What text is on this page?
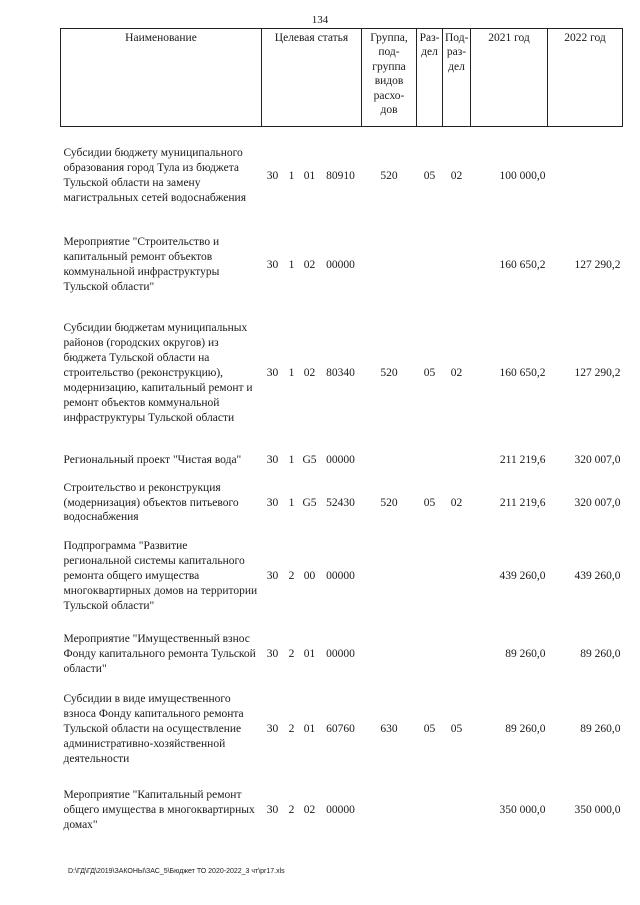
134
Наименование	Целевая статья				Группа, под- группа видов расхо- дов	Раз- дел	Под- раз- дел	2021 год	2022 год
Субсидии бюджету муниципального образования город Тула из бюджета Тульской области на замену магистральных сетей водоснабжения	30	1	01	80910	520	05	02	100 000,0	
Мероприятие "Строительство и капитальный ремонт объектов коммунальной инфраструктуры Тульской области"	30	1	02	00000				160 650,2	127 290,2
Субсидии бюджетам муниципальных районов (городских округов) из бюджета Тульской области на строительство (реконструкцию), модернизацию, капитальный ремонт и ремонт объектов коммунальной инфраструктуры Тульской области	30	1	02	80340	520	05	02	160 650,2	127 290,2
Региональный проект "Чистая вода"	30	1	G5	00000				211 219,6	320 007,0
Строительство и реконструкция (модернизация) объектов питьевого водоснабжения	30	1	G5	52430	520	05	02	211 219,6	320 007,0
Подпрограмма "Развитие региональной системы капитального ремонта общего имущества многоквартирных домов на территории Тульской области"	30	2	00	00000				439 260,0	439 260,0
Мероприятие "Имущественный взнос Фонду капитального ремонта Тульской области"	30	2	01	00000				89 260,0	89 260,0
Субсидии в виде имущественного взноса Фонду капитального ремонта Тульской области на осуществление административно-хозяйственной деятельности	30	2	01	60760	630	05	05	89 260,0	89 260,0
Мероприятие "Капитальный ремонт общего имущества в многоквартирных домах"	30	2	02	00000				350 000,0	350 000,0
D:\ГД\ГД\2019\ЗАКОНЫ\ЗАС_5\Бюджет ТО 2020-2022_3 чт\pr17.xls
